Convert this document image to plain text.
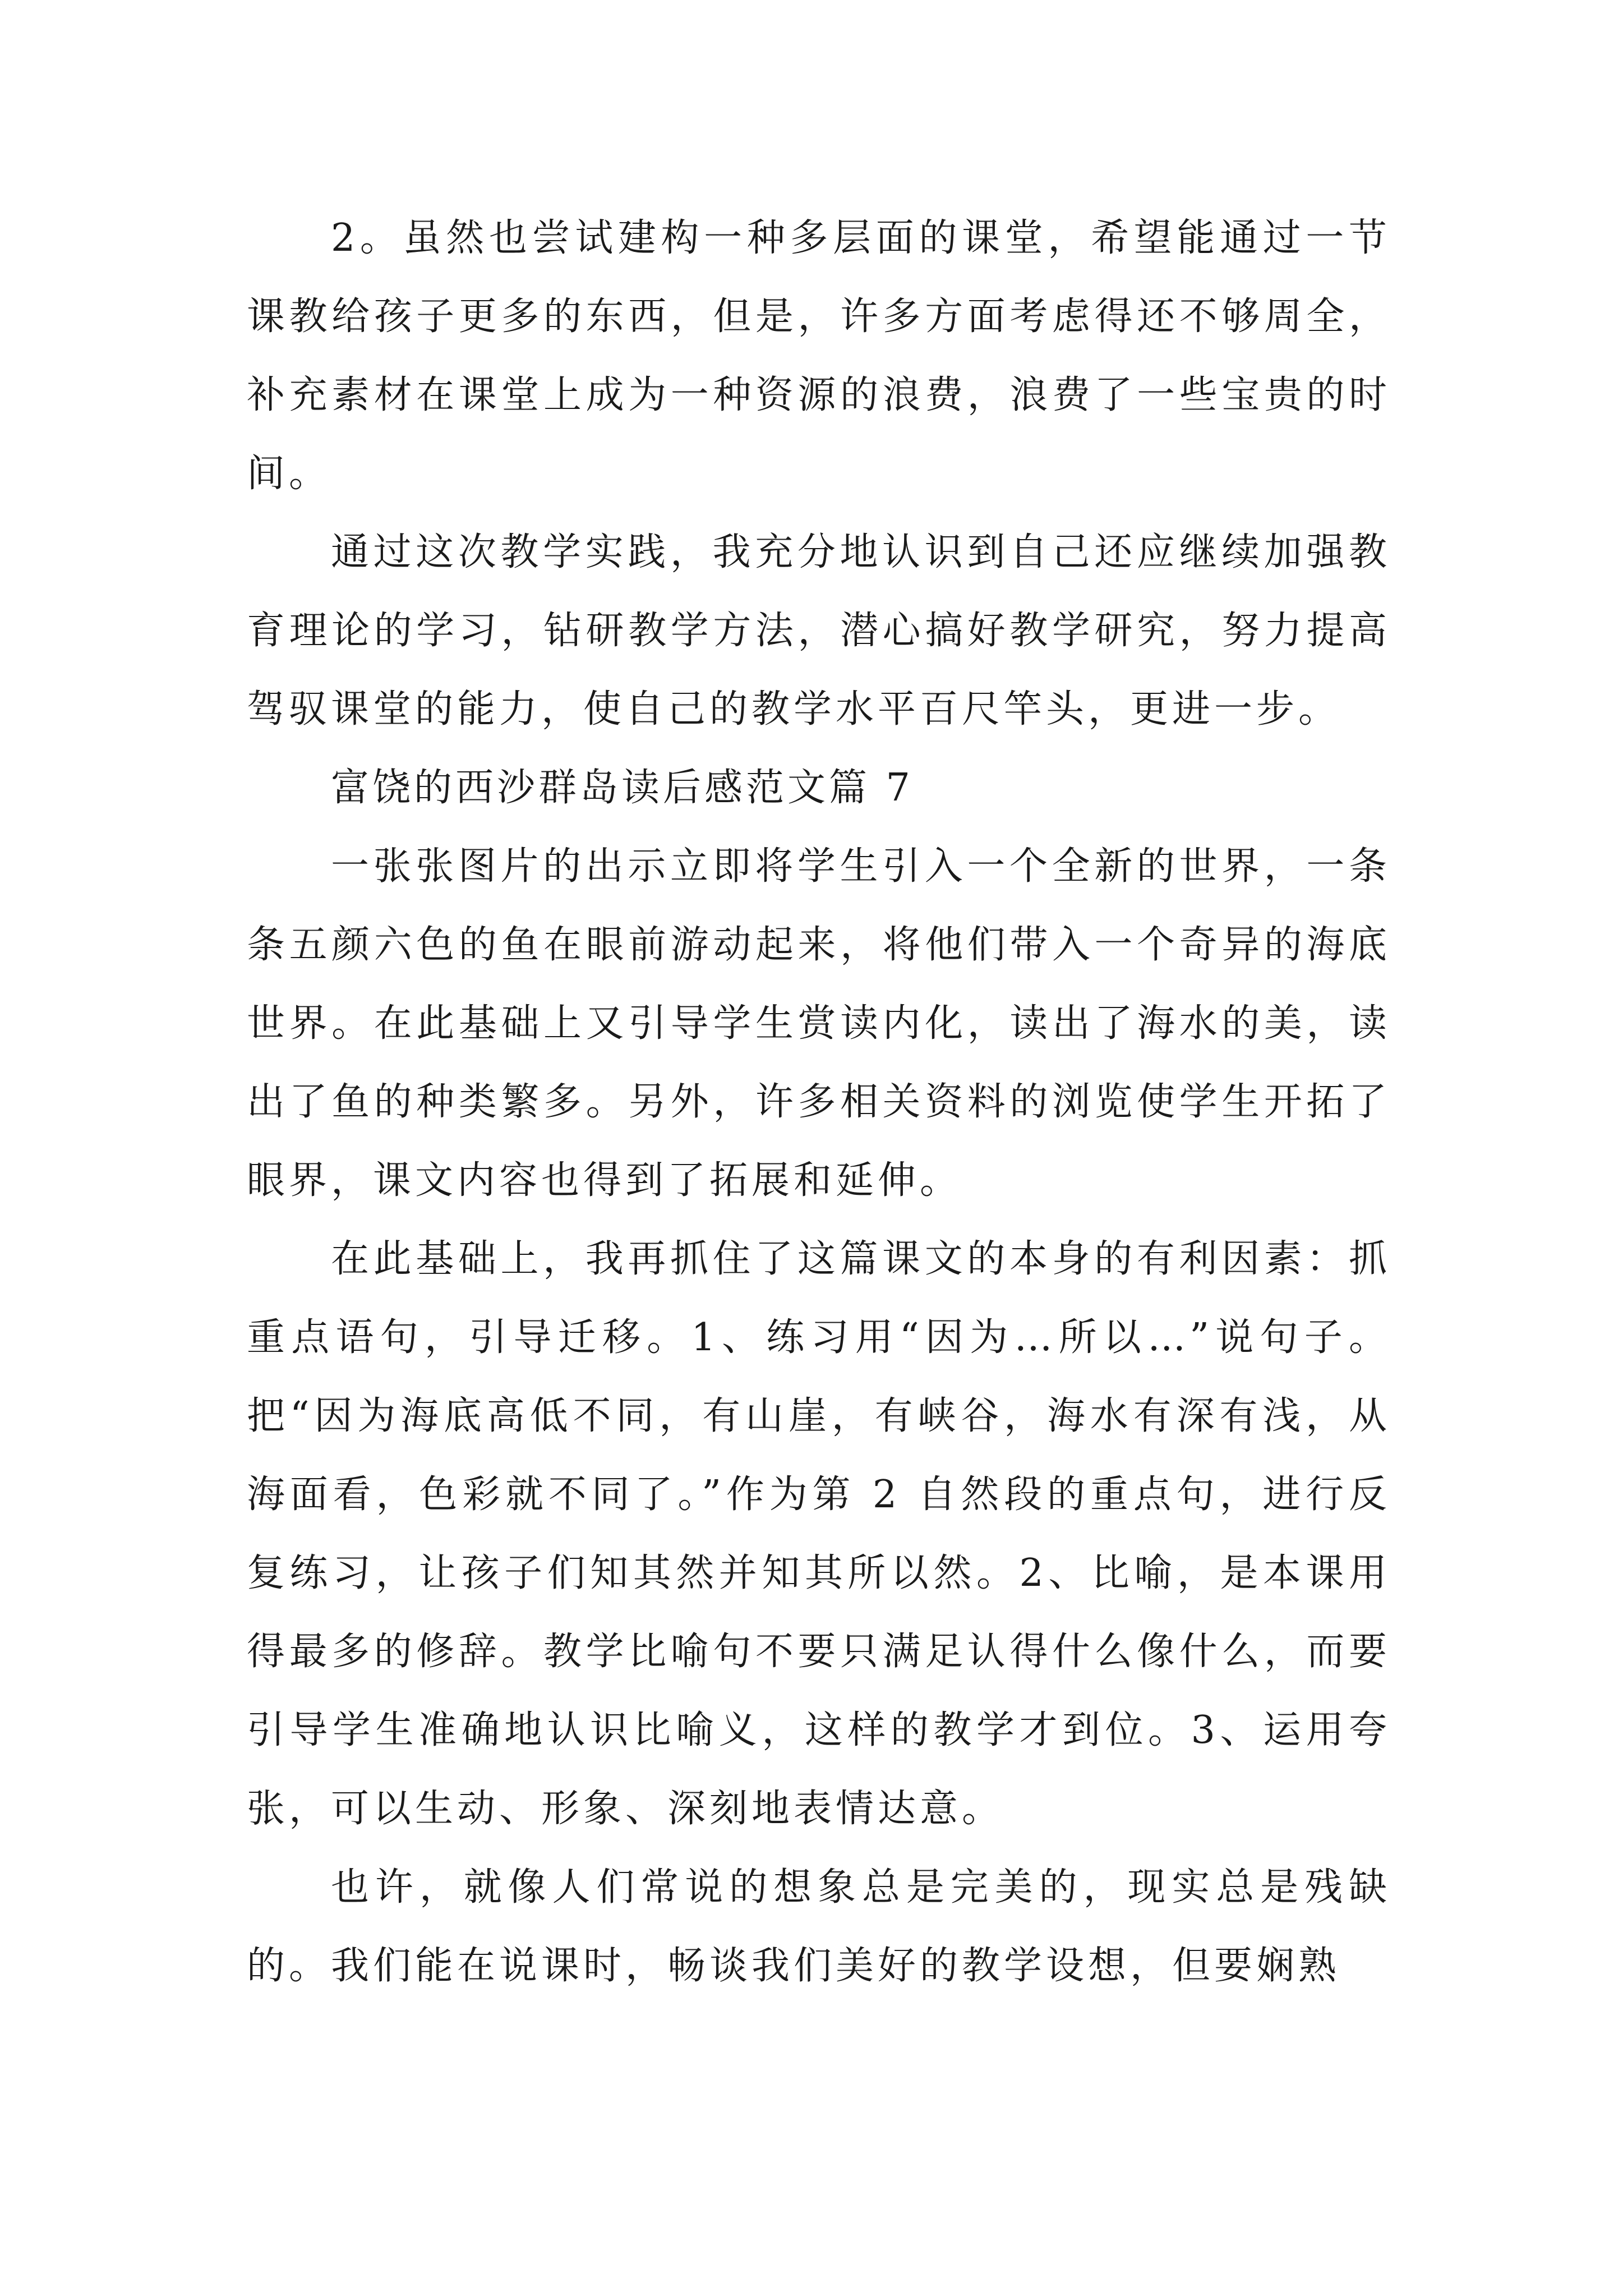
2。虽然也尝试建构一种多层面的课堂，希望能通过一节课教给孩子更多的东西，但是，许多方面考虑得还不够周全，补充素材在课堂上成为一种资源的浪费，浪费了一些宝贵的时间。

通过这次教学实践，我充分地认识到自己还应继续加强教育理论的学习，钻研教学方法，潜心搞好教学研究，努力提高驾驭课堂的能力，使自己的教学水平百尺竿头，更进一步。

富饶的西沙群岛读后感范文篇 7

一张张图片的出示立即将学生引入一个全新的世界，一条条五颜六色的鱼在眼前游动起来，将他们带入一个奇异的海底世界。在此基础上又引导学生赏读内化，读出了海水的美，读出了鱼的种类繁多。另外，许多相关资料的浏览使学生开拓了眼界，课文内容也得到了拓展和延伸。

在此基础上，我再抓住了这篇课文的本身的有利因素：抓重点语句，引导迁移。1、练习用“因为…所以…”说句子。把“因为海底高低不同，有山崖，有峡谷，海水有深有浅，从海面看，色彩就不同了。”作为第 2 自然段的重点句，进行反复练习，让孩子们知其然并知其所以然。2、比喻，是本课用得最多的修辞。教学比喻句不要只满足认得什么像什么，而要引导学生准确地认识比喻义，这样的教学才到位。3、运用夸张，可以生动、形象、深刻地表情达意。

也许，就像人们常说的想象总是完美的，现实总是残缺的。我们能在说课时，畅谈我们美好的教学设想，但要娴熟
